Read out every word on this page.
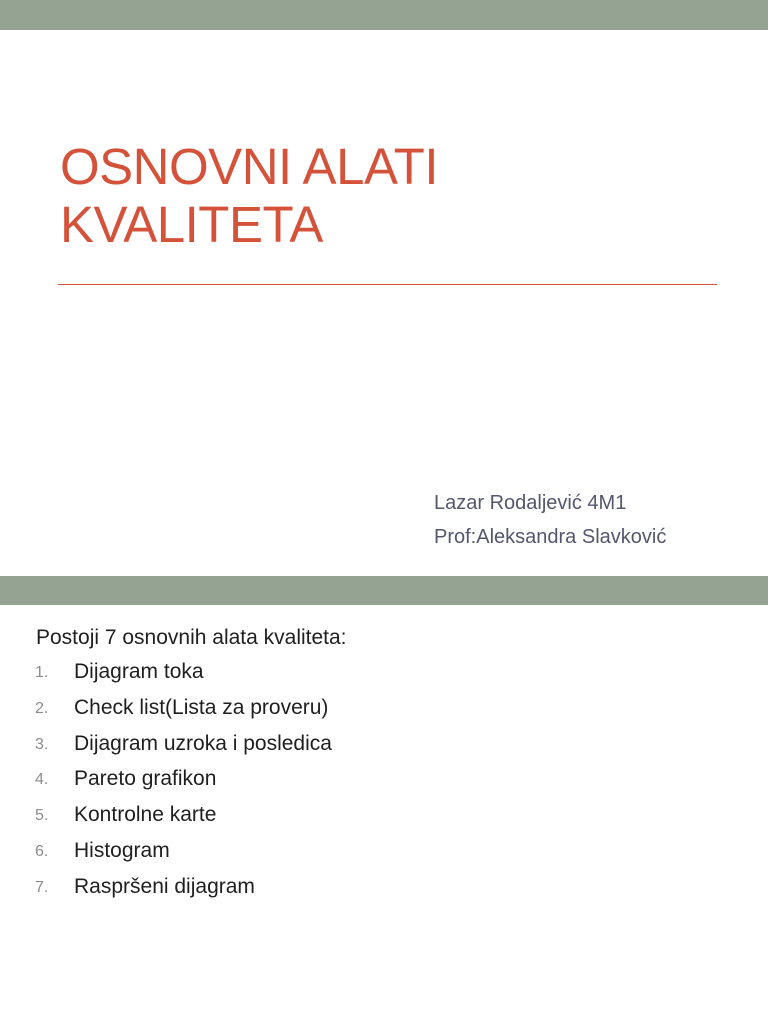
OSNOVNI ALATI
KVALITETA
Lazar Rodaljević 4M1
Prof:Aleksandra Slavković
Postoji 7 osnovnih alata kvaliteta:
1. Dijagram toka
2. Check list(Lista za proveru)
3. Dijagram uzroka i posledica
4. Pareto grafikon
5. Kontrolne karte
6. Histogram
7. Raspršeni dijagram
